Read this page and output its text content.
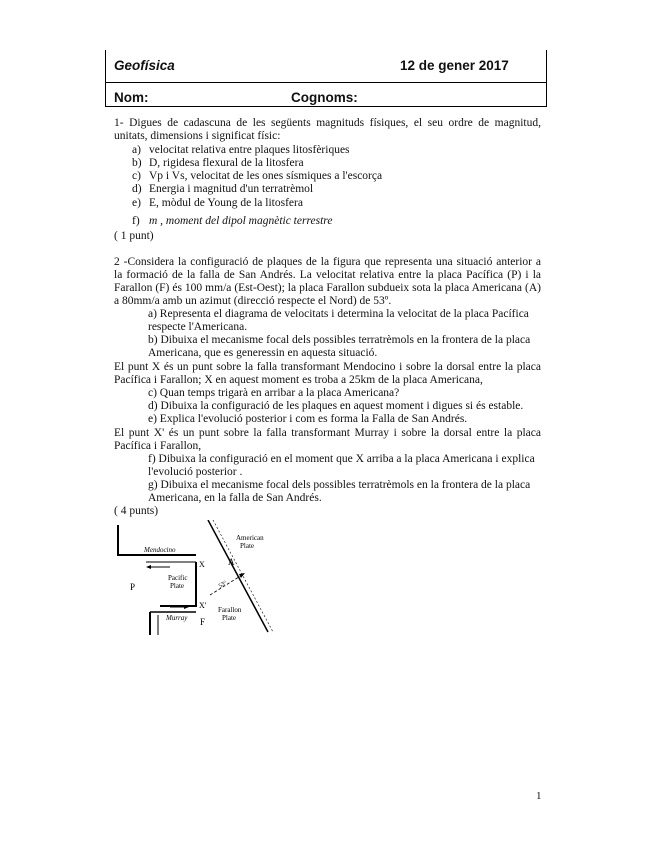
Geofísica	12 de gener 2017
Nom:	Cognoms:
1- Digues de cadascuna de les següents magnituds físiques, el seu ordre de magnitud,
unitats, dimensions i significat físic:
a) velocitat relativa entre plaques litosfèriques
b) D, rigidesa flexural de la litosfera
c) Vp i Vs, velocitat de les ones sísmiques a l'escorça
d) Energia i magnitud d'un terratrèmol
e) E, mòdul de Young de la litosfera
f) m , moment del dipol magnètic terrestre
( 1 punt)
2 -Considera la configuració de plaques de la figura que representa una situació anterior a
la formació de la falla de San Andrés. La velocitat relativa entre la placa Pacífica (P) i la
Farallon (F) és 100 mm/a (Est-Oest); la placa Farallon subdueix sota la placa Americana (A)
a 80mm/a amb un azimut (direcció respecte el Nord) de 53º.
a) Representa el diagrama de velocitats i determina la velocitat de la placa Pacífica
respecte l'Americana.
b) Dibuixa el mecanisme focal dels possibles terratrèmols en la frontera de la placa
Americana, que es generessin en aquesta situació.
El punt X és un punt sobre la falla transformant Mendocino i sobre la dorsal entre la placa
Pacífica i Farallon; X en aquest moment es troba a 25km de la placa Americana,
c) Quan temps trigarà en arribar a la placa Americana?
d) Dibuixa la configuració de les plaques en aquest moment i digues si és estable.
e) Explica l'evolució posterior i com es forma la Falla de San Andrés.
El punt X' és un punt sobre la falla transformant Murray i sobre la dorsal entre la placa
Pacífica i Farallon,
f) Dibuixa la configuració en el moment que X arriba a la placa Americana i explica
l'evolució posterior .
g) Dibuixa el mecanisme focal dels possibles terratrèmols en la frontera de la placa
Americana, en la falla de San Andrés.
( 4 punts)
Mendocino
Murray
Pacific
Plate
American
Plate
Farallon
Plate
P
A
F
X
X'
53°
1
